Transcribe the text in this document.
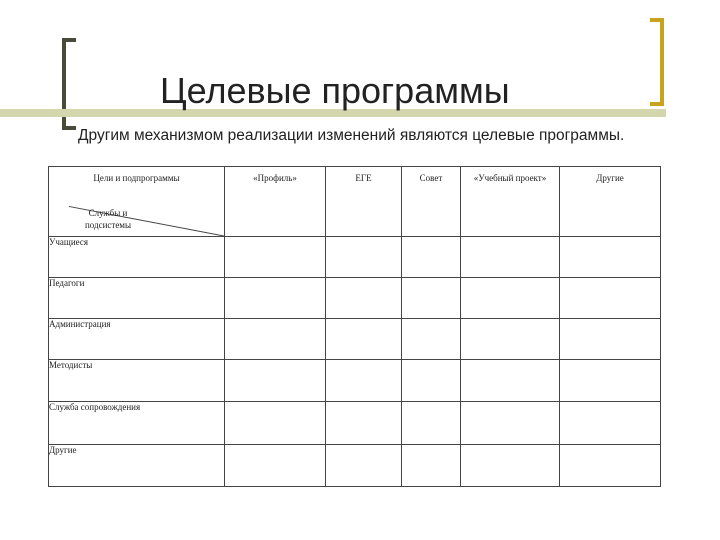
Целевые программы
Другим механизмом реализации изменений являются целевые программы.
Цели и подпрограммы
Службы и подсистемы	«Профиль»	ЕГЕ	Совет	«Учебный проект»	Другие
Учащиеся					
Педагоги					
Администрация					
Методисты					
Служба сопровождения					
Другие					
